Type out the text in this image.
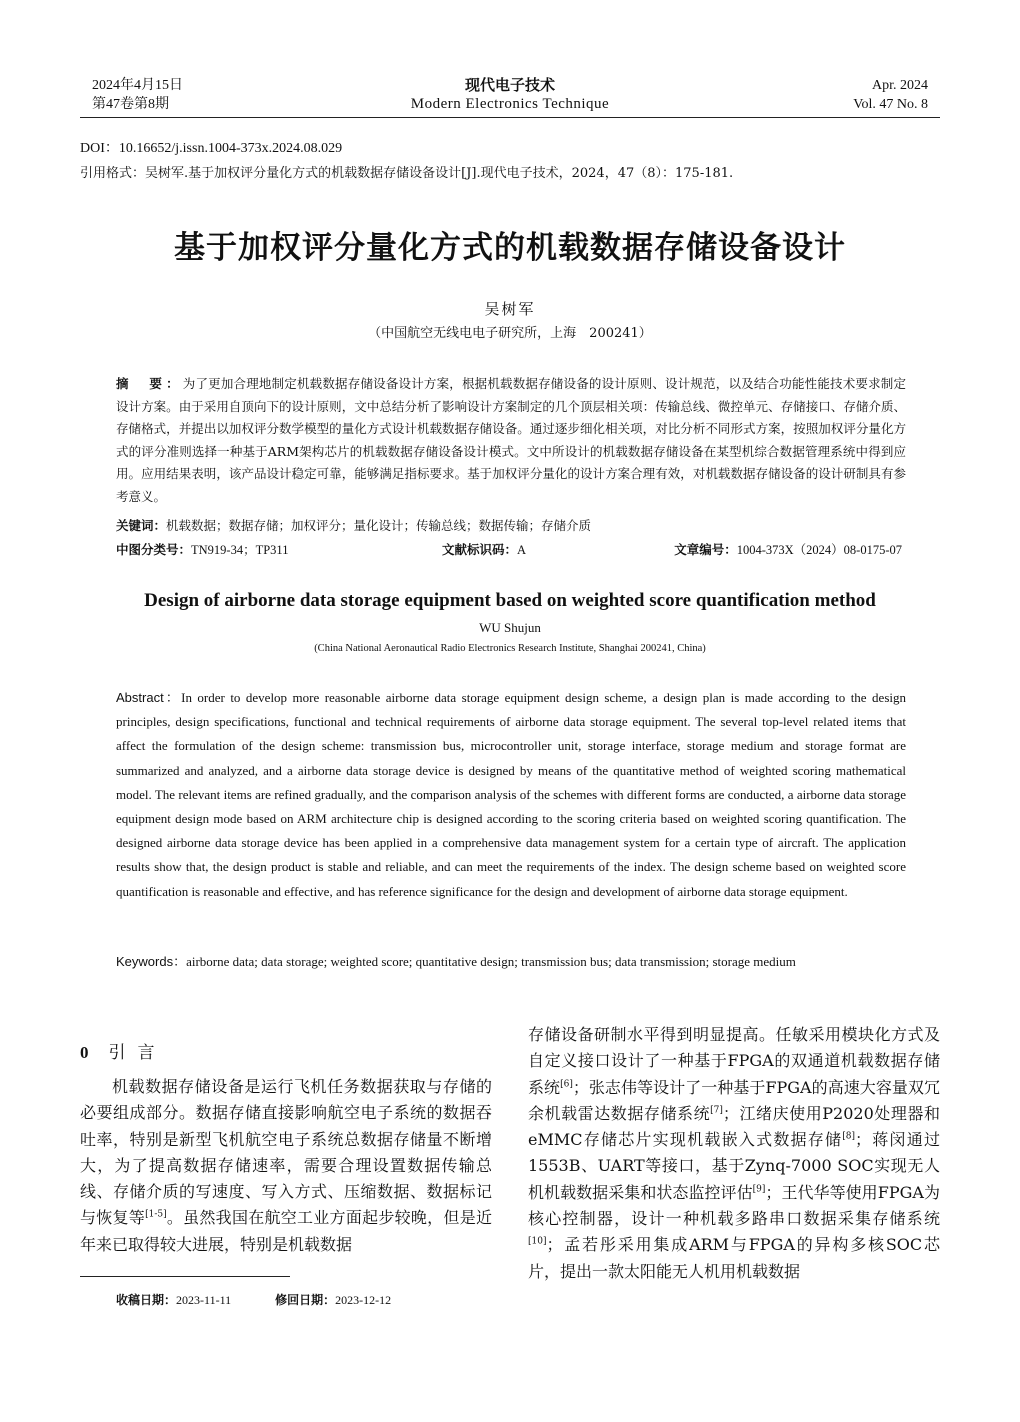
2024年4月15日
第47卷第8期
现代电子技术
Modern Electronics Technique
Apr. 2024
Vol. 47 No. 8
DOI：10.16652/j.issn.1004-373x.2024.08.029
引用格式：吴树军.基于加权评分量化方式的机载数据存储设备设计[J].现代电子技术，2024，47（8）：175-181.
基于加权评分量化方式的机载数据存储设备设计
吴树军
（中国航空无线电电子研究所，上海　200241）
摘　要：为了更加合理地制定机载数据存储设备设计方案，根据机载数据存储设备的设计原则、设计规范，以及结合功能性能技术要求制定设计方案。由于采用自顶向下的设计原则，文中总结分析了影响设计方案制定的几个顶层相关项：传输总线、微控单元、存储接口、存储介质、存储格式，并提出以加权评分数学模型的量化方式设计机载数据存储设备。通过逐步细化相关项，对比分析不同形式方案，按照加权评分量化方式的评分准则选择一种基于ARM架构芯片的机载数据存储设备设计模式。文中所设计的机载数据存储设备在某型机综合数据管理系统中得到应用。应用结果表明，该产品设计稳定可靠，能够满足指标要求。基于加权评分量化的设计方案合理有效，对机载数据存储设备的设计研制具有参考意义。
关键词：机载数据；数据存储；加权评分；量化设计；传输总线；数据传输；存储介质
中图分类号：TN919-34；TP311	文献标识码：A	文章编号：1004-373X（2024）08-0175-07
Design of airborne data storage equipment based on weighted score quantification method
WU Shujun
(China National Aeronautical Radio Electronics Research Institute, Shanghai 200241, China)
Abstract：In order to develop more reasonable airborne data storage equipment design scheme, a design plan is made according to the design principles, design specifications, functional and technical requirements of airborne data storage equipment. The several top-level related items that affect the formulation of the design scheme: transmission bus, microcontroller unit, storage interface, storage medium and storage format are summarized and analyzed, and a airborne data storage device is designed by means of the quantitative method of weighted scoring mathematical model. The relevant items are refined gradually, and the comparison analysis of the schemes with different forms are conducted, a airborne data storage equipment design mode based on ARM architecture chip is designed according to the scoring criteria based on weighted scoring quantification. The designed airborne data storage device has been applied in a comprehensive data management system for a certain type of aircraft. The application results show that, the design product is stable and reliable, and can meet the requirements of the index. The design scheme based on weighted score quantification is reasonable and effective, and has reference significance for the design and development of airborne data storage equipment.
Keywords：airborne data; data storage; weighted score; quantitative design; transmission bus; data transmission; storage medium
0 引言

机载数据存储设备是运行飞机任务数据获取与存储的必要组成部分。数据存储直接影响航空电子系统的数据吞吐率，特别是新型飞机航空电子系统总数据存储量不断增大，为了提高数据存储速率，需要合理设置数据传输总线、存储介质的写速度、写入方式、压缩数据、数据标记与恢复等[1-5]。虽然我国在航空工业方面起步较晚，但是近年来已取得较大进展，特别是机载数据

存储设备研制水平得到明显提高。任敏采用模块化方式及自定义接口设计了一种基于FPGA的双通道机载数据存储系统[6]；张志伟等设计了一种基于FPGA的高速大容量双冗余机载雷达数据存储系统[7]；江绪庆使用P2020处理器和eMMC存储芯片实现机载嵌入式数据存储[8]；蒋闵通过1553B、UART等接口，基于Zynq-7000 SOC实现无人机机载数据采集和状态监控评估[9]；王代华等使用FPGA为核心控制器，设计一种机载多路串口数据采集存储系统[10]；孟若彤采用集成ARM与FPGA的异构多核SOC芯片，提出一款太阳能无人机用机载数据

收稿日期：2023-11-11	修回日期：2023-12-12
